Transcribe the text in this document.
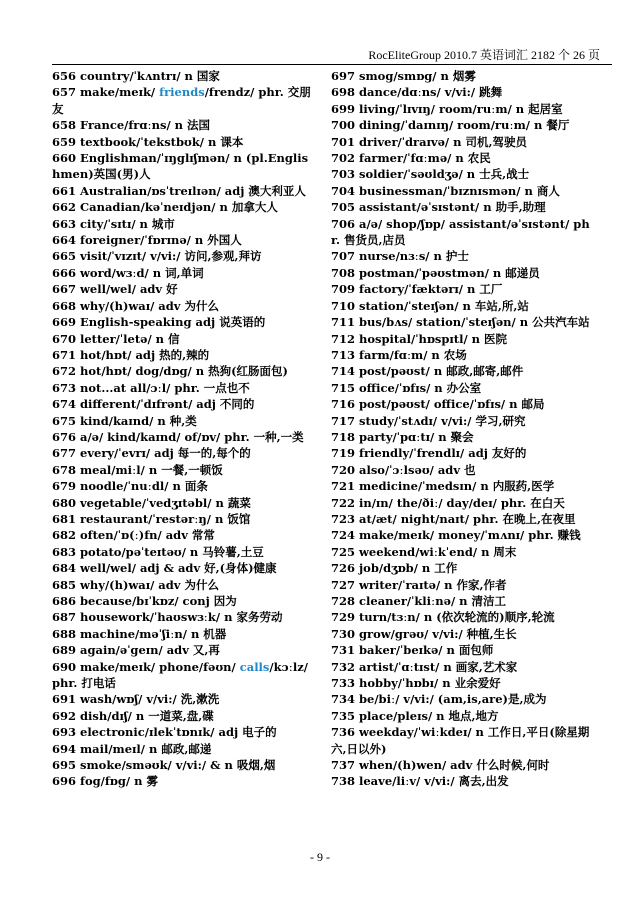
RocEliteGroup 2010.7 英语词汇 2182 个 26 页
656 country/ˈkʌntrɪ/ n 国家
657 make/meɪk/ friends/frendz/ phr. 交朋友
658 France/frɑːns/ n 法国
659 textbook/ˈtekstbʊk/ n 课本
660 Englishman/ˈɪŋglɪʃmən/ n (pl.Englishmen)英国(男)人
661 Australian/ɒsˈtreɪlɪən/ adj 澳大利亚人
662 Canadian/kəˈneɪdjən/ n 加拿大人
663 city/ˈsɪtɪ/ n 城市
664 foreigner/ˈfɒrɪnə/ n 外国人
665 visit/ˈvɪzɪt/ v/vi:/ 访问,参观,拜访
666 word/wɜːd/ n 词,单词
667 well/wel/ adv 好
668 why/(h)waɪ/ adv 为什么
669 English-speaking adj 说英语的
670 letter/ˈletə/ n 信
671 hot/hɒt/ adj 热的,辣的
672 hot/hɒt/ dog/dɒg/ n 热狗(红肠面包)
673 not...at all/ɔːl/ phr. 一点也不
674 different/ˈdɪfrənt/ adj 不同的
675 kind/kaɪnd/ n 种,类
676 a/ə/ kind/kaɪnd/ of/ɒv/ phr. 一种,一类
677 every/ˈevrɪ/ adj 每一的,每个的
678 meal/miːl/ n 一餐,一顿饭
679 noodle/ˈnuːdl/ n 面条
680 vegetable/ˈvedʒɪtəbl/ n 蔬菜
681 restaurant/ˈrestərːŋ/ n 饭馆
682 often/ˈɒ(ː)fn/ adv 常常
683 potato/pəˈteɪtəʊ/ n 马铃薯,土豆
684 well/wel/ adj & adv 好,(身体)健康
685 why/(h)waɪ/ adv 为什么
686 because/bɪˈkɒz/ conj 因为
687 housework/ˈhaʊswɜːk/ n 家务劳动
688 machine/məˈʃiːn/ n 机器
689 again/əˈgeɪn/ adv 又,再
690 make/meɪk/ phone/fəʊn/ calls/kɔːlz/ phr. 打电话
691 wash/wɒʃ/ v/vi:/ 洗,漱洗
692 dish/dɪʃ/ n 一道菜,盘,碟
693 electronic/ɪlekˈtɒnɪk/ adj 电子的
694 mail/meɪl/ n 邮政,邮递
695 smoke/sməʊk/ v/vi:/ & n 吸烟,烟
696 fog/fɒg/ n 雾
697 smog/smɒg/ n 烟雾
698 dance/dɑːns/ v/vi:/ 跳舞
699 living/ˈlɪvɪŋ/ room/ruːm/ n 起居室
700 dining/ˈdaɪnɪŋ/ room/ruːm/ n 餐厅
701 driver/ˈdraɪvə/ n 司机,驾驶员
702 farmer/ˈfɑːmə/ n 农民
703 soldier/ˈsəʊldʒə/ n 士兵,战士
704 businessman/ˈbɪznɪsmən/ n 商人
705 assistant/əˈsɪstənt/ n 助手,助理
706 a/ə/ shop/ʃɒp/ assistant/əˈsɪstənt/ phr. 售货员,店员
707 nurse/nɜːs/ n 护士
708 postman/ˈpəʊstmən/ n 邮递员
709 factory/ˈfæktərɪ/ n 工厂
710 station/ˈsteɪʃən/ n 车站,所,站
711 bus/bʌs/ station/ˈsteɪʃən/ n 公共汽车站
712 hospital/ˈhɒspɪtl/ n 医院
713 farm/fɑːm/ n 农场
714 post/pəʊst/ n 邮政,邮寄,邮件
715 office/ˈɒfɪs/ n 办公室
716 post/pəʊst/ office/ˈɒfɪs/ n 邮局
717 study/ˈstʌdɪ/ v/vi:/ 学习,研究
718 party/ˈpɑːtɪ/ n 聚会
719 friendly/ˈfrendlɪ/ adj 友好的
720 also/ˈɔːlsəʊ/ adv 也
721 medicine/ˈmedsɪn/ n 内服药,医学
722 in/ɪn/ the/ðiː/ day/deɪ/ phr. 在白天
723 at/æt/ night/naɪt/ phr. 在晚上,在夜里
724 make/meɪk/ money/ˈmʌnɪ/ phr. 赚钱
725 weekend/wiːkˈend/ n 周末
726 job/dʒɒb/ n 工作
727 writer/ˈraɪtə/ n 作家,作者
728 cleaner/ˈkliːnə/ n 清洁工
729 turn/tɜːn/ n (依次轮流的)顺序,轮流
730 grow/grəʊ/ v/vi:/ 种植,生长
731 baker/ˈbeɪkə/ n 面包师
732 artist/ˈɑːtɪst/ n 画家,艺术家
733 hobby/ˈhɒbɪ/ n 业余爱好
734 be/biː/ v/vi:/ (am,is,are)是,成为
735 place/pleɪs/ n 地点,地方
736 weekday/ˈwiːkdeɪ/ n 工作日,平日(除星期六,日以外)
737 when/(h)wen/ adv 什么时候,何时
738 leave/liːv/ v/vi:/ 离去,出发
- 9 -
